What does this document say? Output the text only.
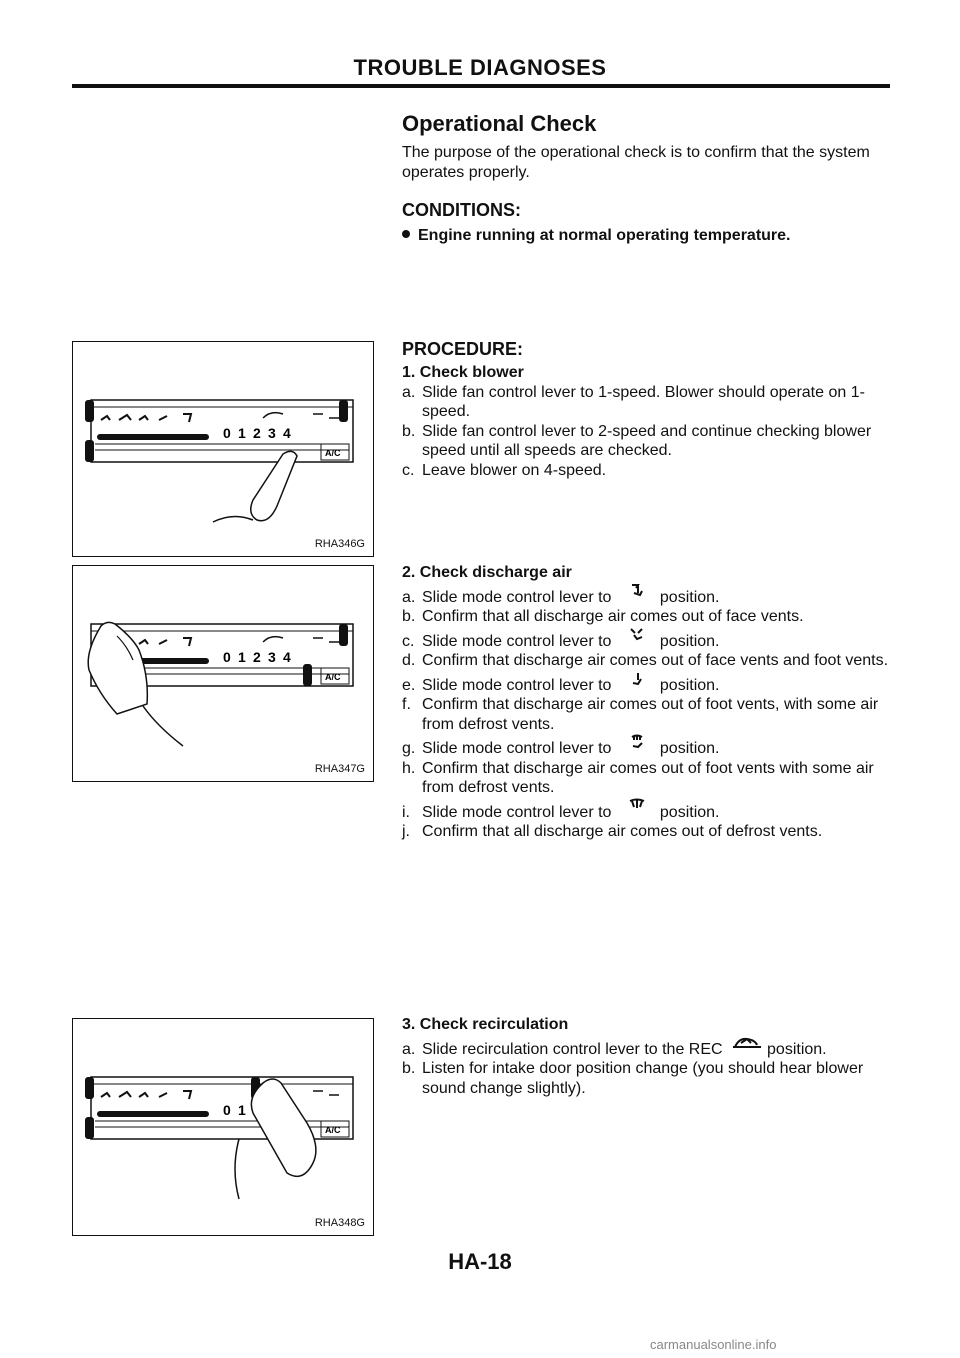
TROUBLE DIAGNOSES
Operational Check
The purpose of the operational check is to confirm that the system operates properly.
CONDITIONS:
Engine running at normal operating temperature.
PROCEDURE:
1. Check blower
a. Slide fan control lever to 1-speed. Blower should operate on 1-speed.
b. Slide fan control lever to 2-speed and continue checking blower speed until all speeds are checked.
c. Leave blower on 4-speed.
2. Check discharge air
a. Slide mode control lever to	position.
b. Confirm that all discharge air comes out of face vents.
c. Slide mode control lever to	position.
d. Confirm that discharge air comes out of face vents and foot vents.
e. Slide mode control lever to	position.
f. Confirm that discharge air comes out of foot vents, with some air from defrost vents.
g. Slide mode control lever to	position.
h. Confirm that discharge air comes out of foot vents with some air from defrost vents.
i. Slide mode control lever to	position.
j. Confirm that all discharge air comes out of defrost vents.
3. Check recirculation
a. Slide recirculation control lever to the REC	position.
b. Listen for intake door position change (you should hear blower sound change slightly).
0 1 2 3 4
A/C
RHA346G
0 1 2 3 4
A/C
RHA347G
0 1
A/C
RHA348G
HA-18
carmanualsonline.info
